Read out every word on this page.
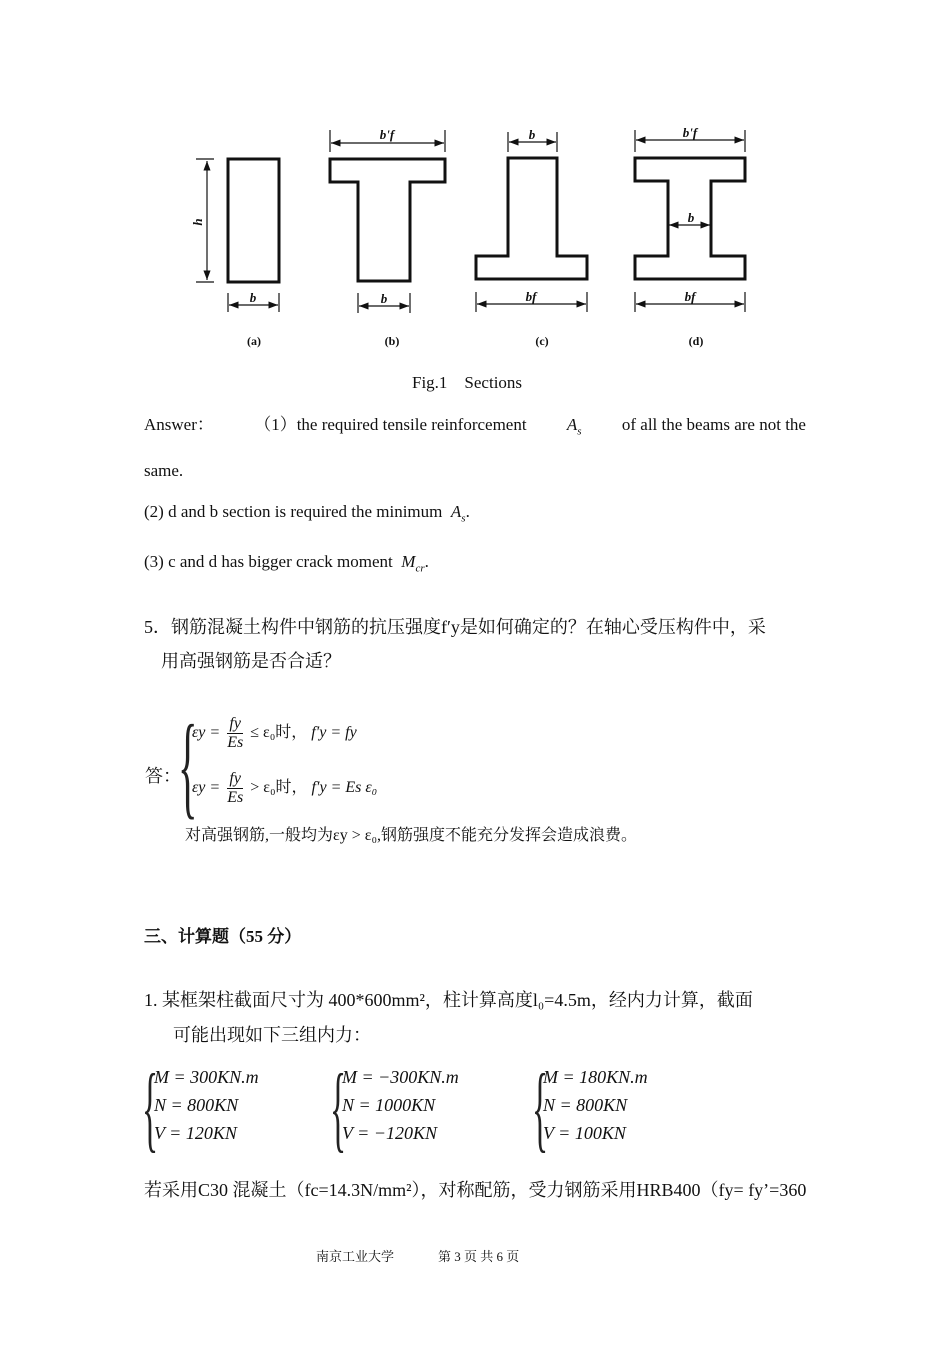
h
b
b'f
b
b
bf
b'f
b
bf
(a)	(b)	(c)	(d)
Fig.1    Sections
Answer： （1）the required tensile reinforcement $A_s$ of all the beams are not the
same.
(2) d and b section is required the minimum $A_s$.
(3) c and d has bigger crack moment $M_{cr}$.
5．钢筋混凝土构件中钢筋的抗压强度f′y是如何确定的？在轴心受压构件中，采
用高强钢筋是否合适？
答：
{
$\varepsilon y = \frac{fy}{Es} \le \varepsilon_0$时， f′y = fy
$\varepsilon y = \frac{fy}{Es} > \varepsilon_0$时， f′y = Es ε₀
对高强钢筋,一般均为εy > ε₀,钢筋强度不能充分发挥会造成浪费。
三、计算题（55 分）
1. 某框架柱截面尺寸为 400*600mm²，柱计算高度l₀=4.5m，经内力计算，截面
可能出现如下三组内力：
{
M = 300KN.m
N = 800KN
V = 120KN {
M = −300KN.m
N = 1000KN
V = −120KN {
M = 180KN.m
N = 800KN
V = 100KN
若采用C30 混凝土（fc=14.3N/mm²），对称配筋，受力钢筋采用HRB400（fy= fy’=360
南京工业大学	第 3 页 共 6 页
